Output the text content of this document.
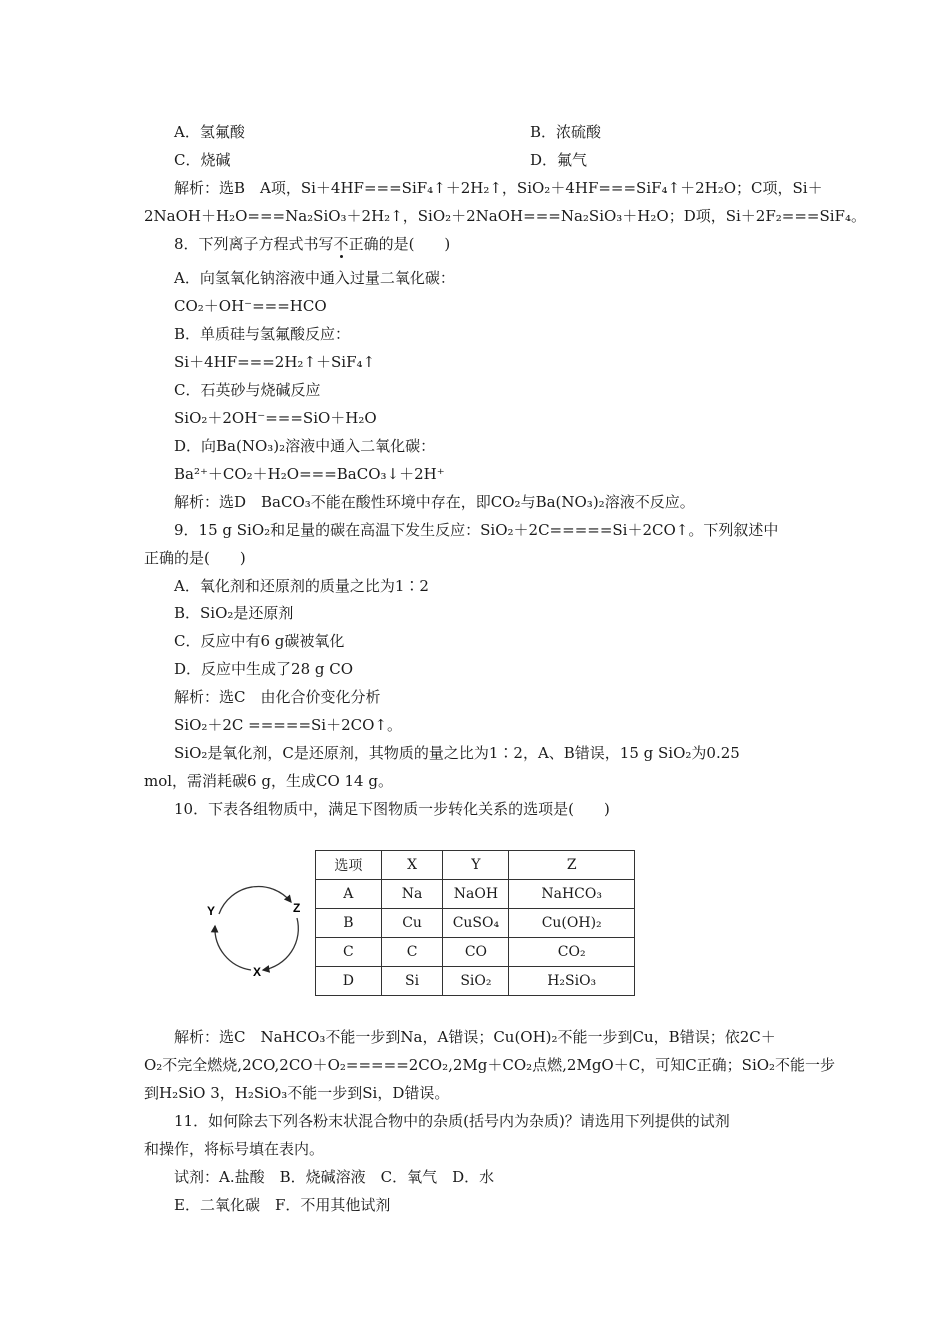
A．氢氟酸	B．浓硫酸
C．烧碱	D．氟气
解析：选B　A项，Si＋4HF===SiF₄↑＋2H₂↑，SiO₂＋4HF===SiF₄↑＋2H₂O；C项，Si＋
2NaOH＋H₂O===Na₂SiO₃＋2H₂↑，SiO₂＋2NaOH===Na₂SiO₃＋H₂O；D项，Si＋2F₂===SiF₄。
8．下列离子方程式书写不正确的是(　　)
A．向氢氧化钠溶液中通入过量二氧化碳：
CO₂＋OH⁻===HCO
B．单质硅与氢氟酸反应：
Si＋4HF===2H₂↑＋SiF₄↑
C．石英砂与烧碱反应
SiO₂＋2OH⁻===SiO＋H₂O
D．向Ba(NO₃)₂溶液中通入二氧化碳：
Ba²⁺＋CO₂＋H₂O===BaCO₃↓＋2H⁺
解析：选D　BaCO₃不能在酸性环境中存在，即CO₂与Ba(NO₃)₂溶液不反应。
9．15 g SiO₂和足量的碳在高温下发生反应：SiO₂＋2C=====Si＋2CO↑。下列叙述中
正确的是(　　)
A．氧化剂和还原剂的质量之比为1∶2
B．SiO₂是还原剂
C．反应中有6 g碳被氧化
D．反应中生成了28 g CO
解析：选C　由化合价变化分析
SiO₂＋2C =====Si＋2CO↑。
SiO₂是氧化剂，C是还原剂，其物质的量之比为1∶2，A、B错误，15 g SiO₂为0.25
mol，需消耗碳6 g，生成CO 14 g。
10．下表各组物质中，满足下图物质一步转化关系的选项是(　　)
Y	Z
X
选项	X	Y	Z
A	Na	NaOH	NaHCO₃
B	Cu	CuSO₄	Cu(OH)₂
C	C	CO	CO₂
D	Si	SiO₂	H₂SiO₃
解析：选C　NaHCO₃不能一步到Na，A错误；Cu(OH)₂不能一步到Cu，B错误；依2C＋
O₂不完全燃烧,2CO,2CO＋O₂=====2CO₂,2Mg＋CO₂点燃,2MgO＋C，可知C正确；SiO₂不能一步
到H₂SiO 3，H₂SiO₃不能一步到Si，D错误。
11．如何除去下列各粉末状混合物中的杂质(括号内为杂质)？请选用下列提供的试剂
和操作，将标号填在表内。
试剂：A.盐酸　B．烧碱溶液　C．氧气　D．水
E．二氧化碳　F．不用其他试剂
